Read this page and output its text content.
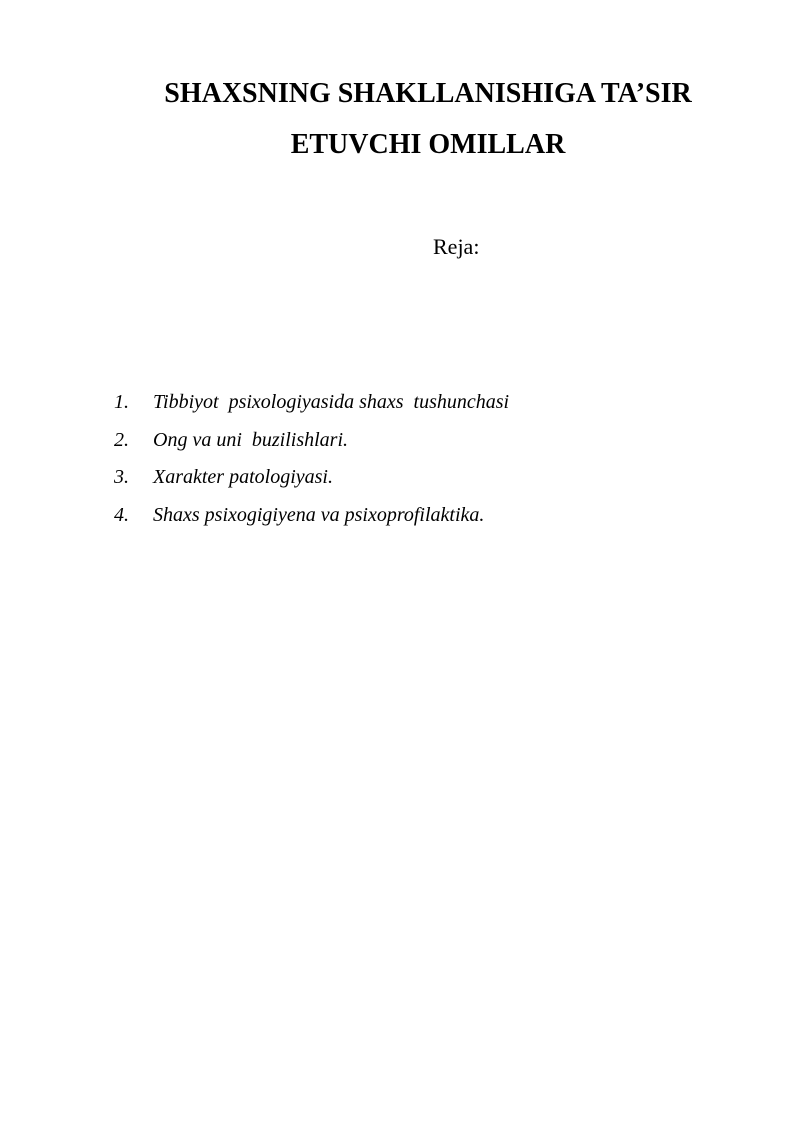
SHAXSNING SHAKLLANISHIGA TA’SIR
ETUVCHI OMILLAR

Reja:

1.

Tibbiyot  psixologiyasida shaxs  tushunchasi

2.

Ong va uni  buzilishlari.

3.

Xarakter patologiyasi.

4.

Shaxs psixogigiyena va psixoprofilaktika.
